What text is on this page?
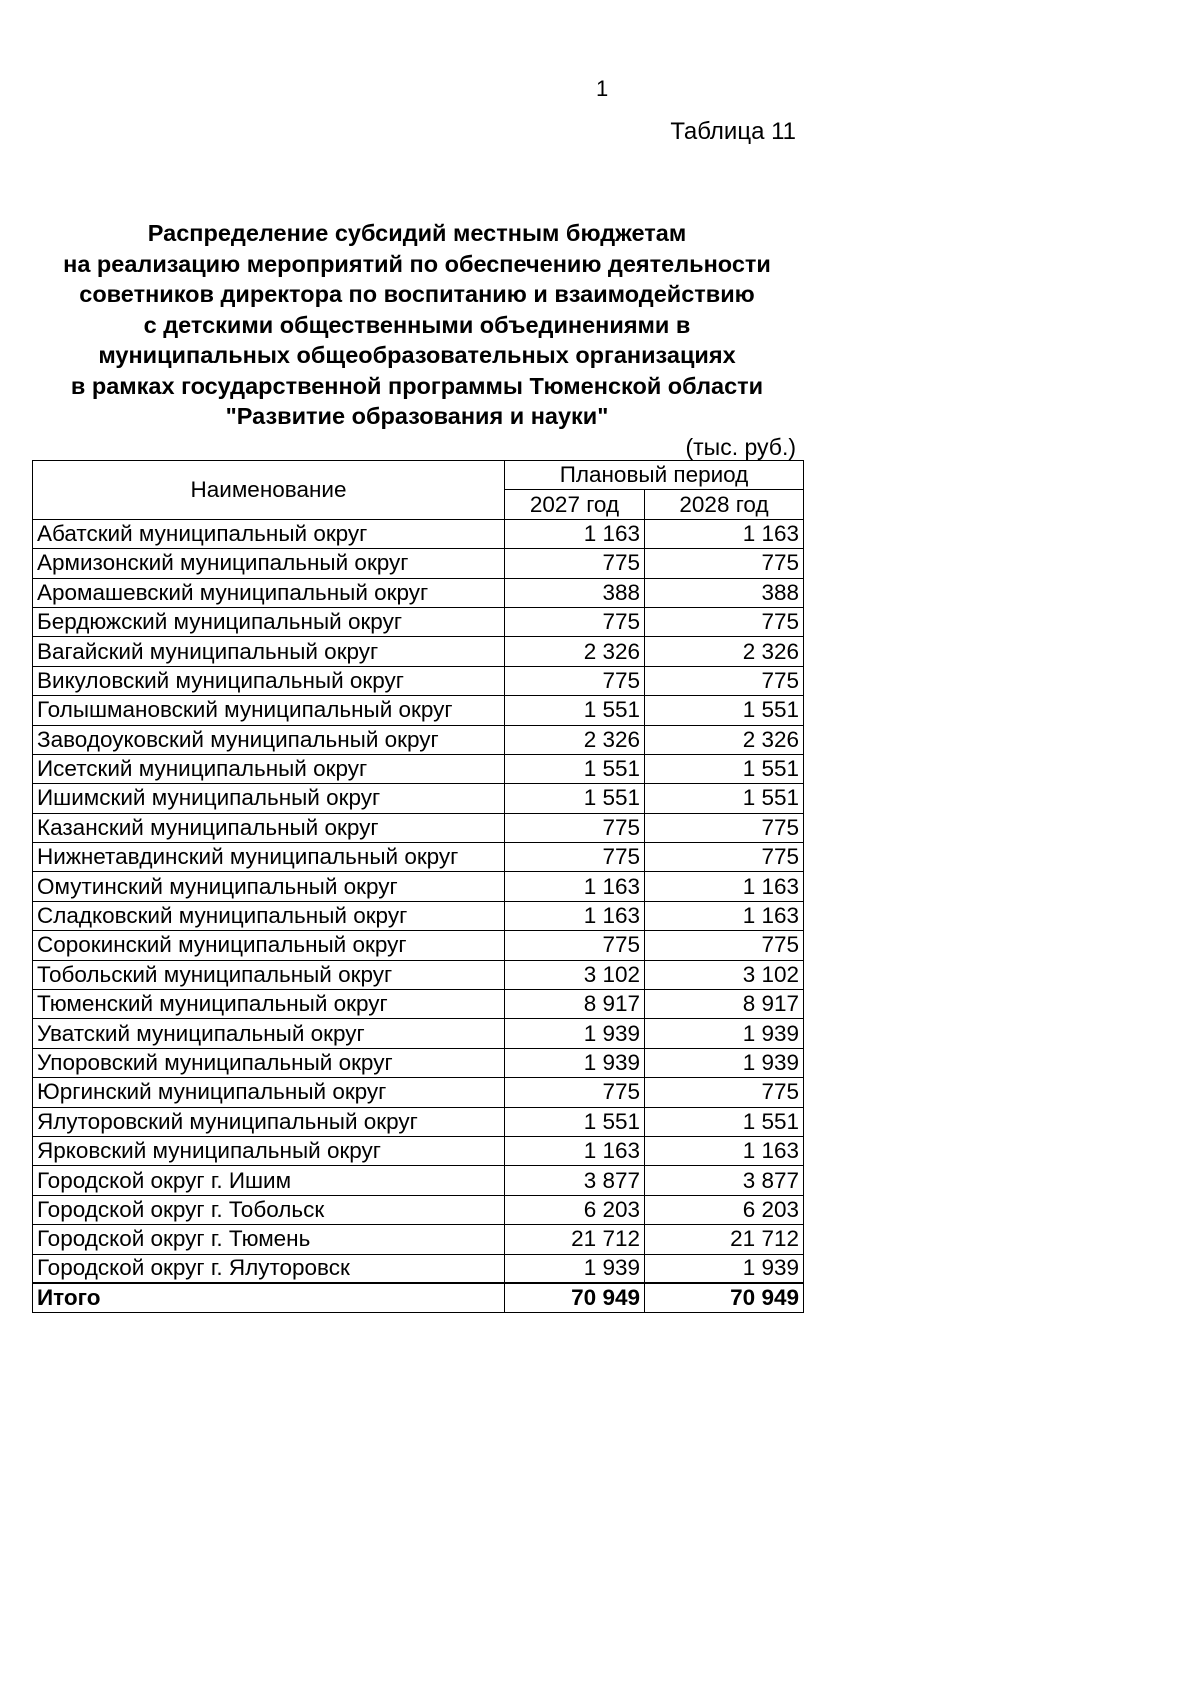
1
Таблица 11
Распределение субсидий местным бюджетам
на реализацию мероприятий по обеспечению деятельности
советников директора по воспитанию и взаимодействию
с детскими общественными объединениями в
муниципальных общеобразовательных организациях
в рамках государственной программы Тюменской области
"Развитие образования и науки"
(тыс. руб.)
Наименование	Плановый период	
	2027 год	2028 год
Абатский муниципальный округ	1 163	1 163
Армизонский муниципальный округ	775	775
Аромашевский муниципальный округ	388	388
Бердюжский муниципальный округ	775	775
Вагайский муниципальный округ	2 326	2 326
Викуловский муниципальный округ	775	775
Голышмановский муниципальный округ	1 551	1 551
Заводоуковский муниципальный округ	2 326	2 326
Исетский муниципальный округ	1 551	1 551
Ишимский муниципальный округ	1 551	1 551
Казанский муниципальный округ	775	775
Нижнетавдинский муниципальный округ	775	775
Омутинский муниципальный округ	1 163	1 163
Сладковский муниципальный округ	1 163	1 163
Сорокинский муниципальный округ	775	775
Тобольский муниципальный округ	3 102	3 102
Тюменский муниципальный округ	8 917	8 917
Уватский муниципальный округ	1 939	1 939
Упоровский муниципальный округ	1 939	1 939
Юргинский муниципальный округ	775	775
Ялуторовский муниципальный округ	1 551	1 551
Ярковский муниципальный округ	1 163	1 163
Городской округ г. Ишим	3 877	3 877
Городской округ г. Тобольск	6 203	6 203
Городской округ г. Тюмень	21 712	21 712
Городской округ г. Ялуторовск	1 939	1 939
Итого	70 949	70 949
